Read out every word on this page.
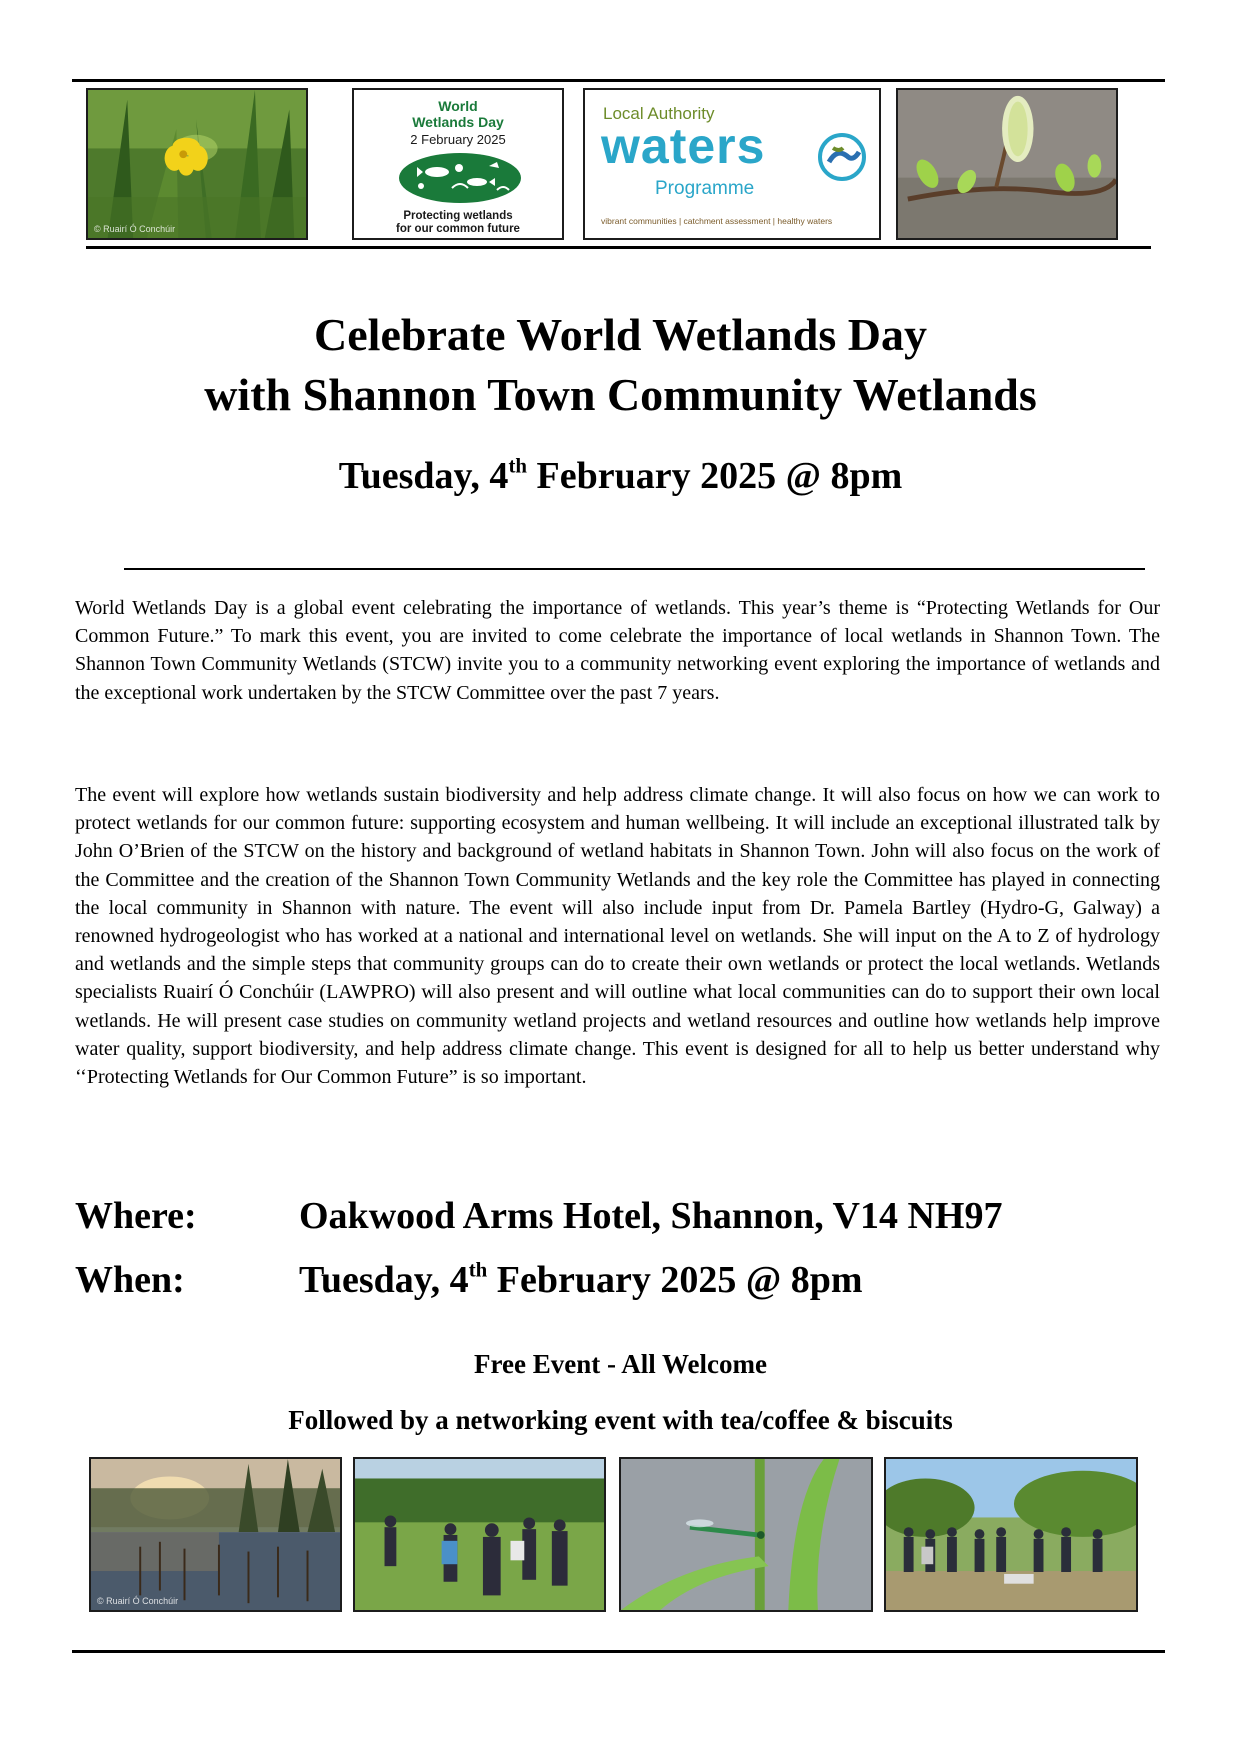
© Ruairí Ó Conchúir
World
Wetlands Day
2 February 2025
Protecting wetlands
for our common future
Local Authority
waters
Programme
vibrant communities | catchment assessment | healthy waters
Celebrate World Wetlands Day
with Shannon Town Community Wetlands
Tuesday, 4th February 2025 @ 8pm

World Wetlands Day is a global event celebrating the importance of wetlands. This year’s theme is “Protecting Wetlands for Our Common Future.” To mark this event, you are invited to come celebrate the importance of local wetlands in Shannon Town. The Shannon Town Community Wetlands (STCW) invite you to a community networking event exploring the importance of wetlands and the exceptional work undertaken by the STCW Committee over the past 7 years.

The event will explore how wetlands sustain biodiversity and help address climate change. It will also focus on how we can work to protect wetlands for our common future: supporting ecosystem and human wellbeing. It will include an exceptional illustrated talk by John O’Brien of the STCW on the history and background of wetland habitats in Shannon Town. John will also focus on the work of the Committee and the creation of the Shannon Town Community Wetlands and the key role the Committee has played in connecting the local community in Shannon with nature. The event will also include input from Dr. Pamela Bartley (Hydro-G, Galway) a renowned hydrogeologist who has worked at a national and international level on wetlands. She will input on the A to Z of hydrology and wetlands and the simple steps that community groups can do to create their own wetlands or protect the local wetlands. Wetlands specialists Ruairí Ó Conchúir (LAWPRO) will also present and will outline what local communities can do to support their own local wetlands. He will present case studies on community wetland projects and wetland resources and outline how wetlands help improve water quality, support biodiversity, and help address climate change. This event is designed for all to help us better understand why ‘‘Protecting Wetlands for Our Common Future” is so important.

Where:	Oakwood Arms Hotel, Shannon, V14 NH97
When:	Tuesday, 4th February 2025 @ 8pm
Free Event - All Welcome
Followed by a networking event with tea/coffee & biscuits
© Ruairí Ó Conchúir
